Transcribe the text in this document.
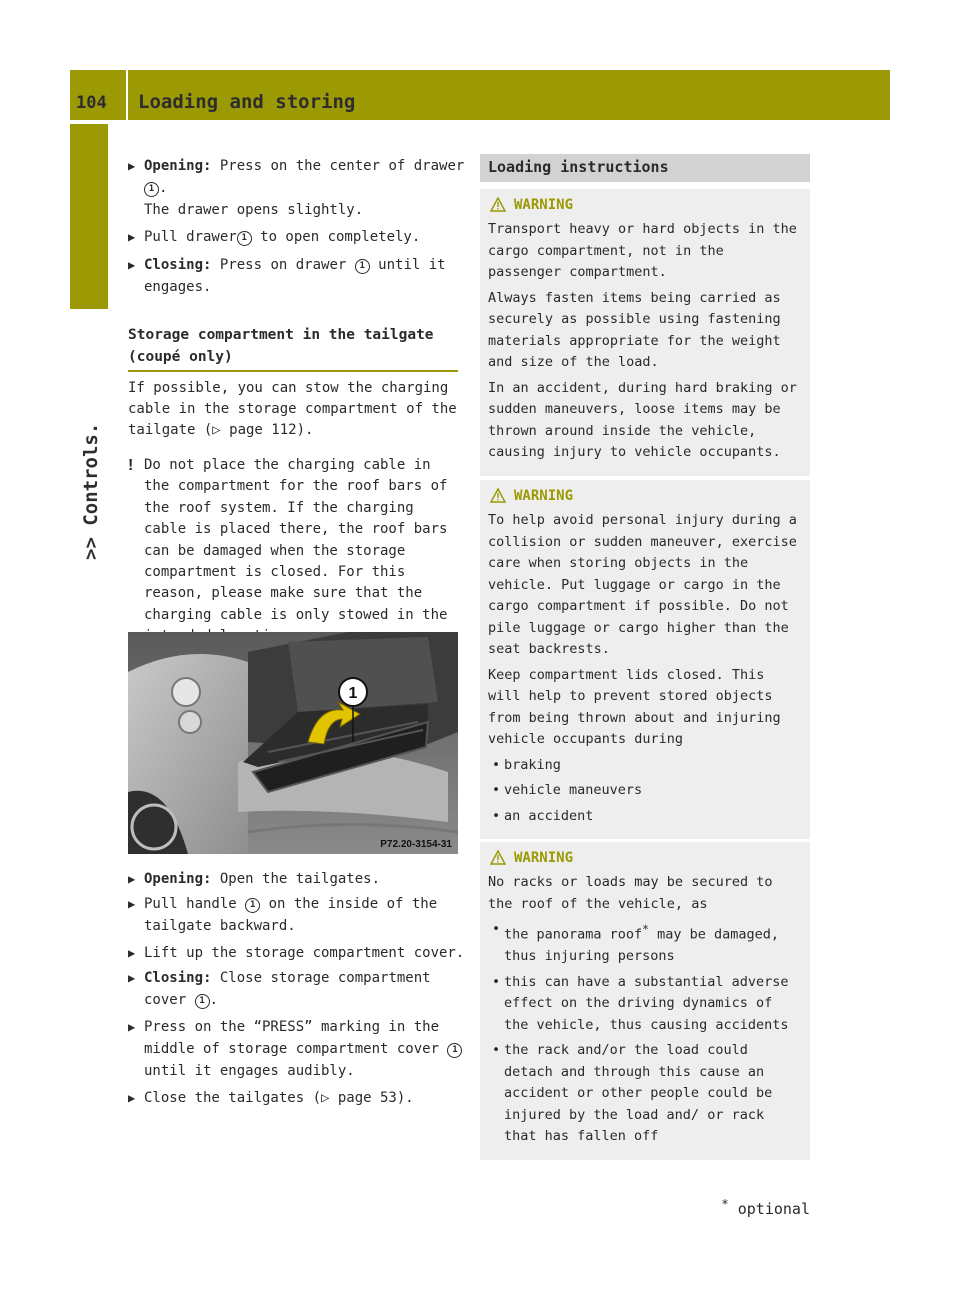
104 Loading and storing
>> Controls.
▶ Opening: Press on the center of drawer 1 .
The drawer opens slightly.
▶ Pull drawer 1 to open completely.
▶ Closing: Press on drawer 1 until it engages.
Storage compartment in the tailgate (coupé only)
If possible, you can stow the charging cable in the storage compartment of the tailgate (▷ page 112).
! Do not place the charging cable in the compartment for the roof bars of the roof system. If the charging cable is placed there, the roof bars can be damaged when the storage compartment is closed. For this reason, please make sure that the charging cable is only stowed in the
1
P72.20-3154-31
▶ Opening: Open the tailgates.
▶ Pull handle 1 on the inside of the tailgate backward.
▶ Lift up the storage compartment cover.
▶ Closing: Close storage compartment cover 1 .
▶ Press on the “PRESS” marking in the middle of storage compartment cover 1 until it engages audibly.
▶ Close the tailgates (▷ page 53).
Loading instructions
WARNING

Transport heavy or hard objects in the cargo compartment, not in the passenger compartment.

Always fasten items being carried as securely as possible using fastening materials appropriate for the weight and size of the load.

In an accident, during hard braking or sudden maneuvers, loose items may be thrown around inside the vehicle, causing injury to vehicle occupants.

WARNING

To help avoid personal injury during a collision or sudden maneuver, exercise care when storing objects in the vehicle. Put luggage or cargo in the cargo compartment if possible. Do not pile luggage or cargo higher than the seat backrests.

Keep compartment lids closed. This will help to prevent stored objects from being thrown about and injuring vehicle occupants during

• braking
• vehicle maneuvers
• an accident
WARNING

No racks or loads may be secured to the roof of the vehicle, as

• the panorama roof* may be damaged, thus injuring persons
• this can have a substantial adverse effect on the driving dynamics of the vehicle, thus causing accidents
• the rack and/or the load could detach and through this cause an accident or other people could be injured by the load and/ or rack that has fallen off
* optional
